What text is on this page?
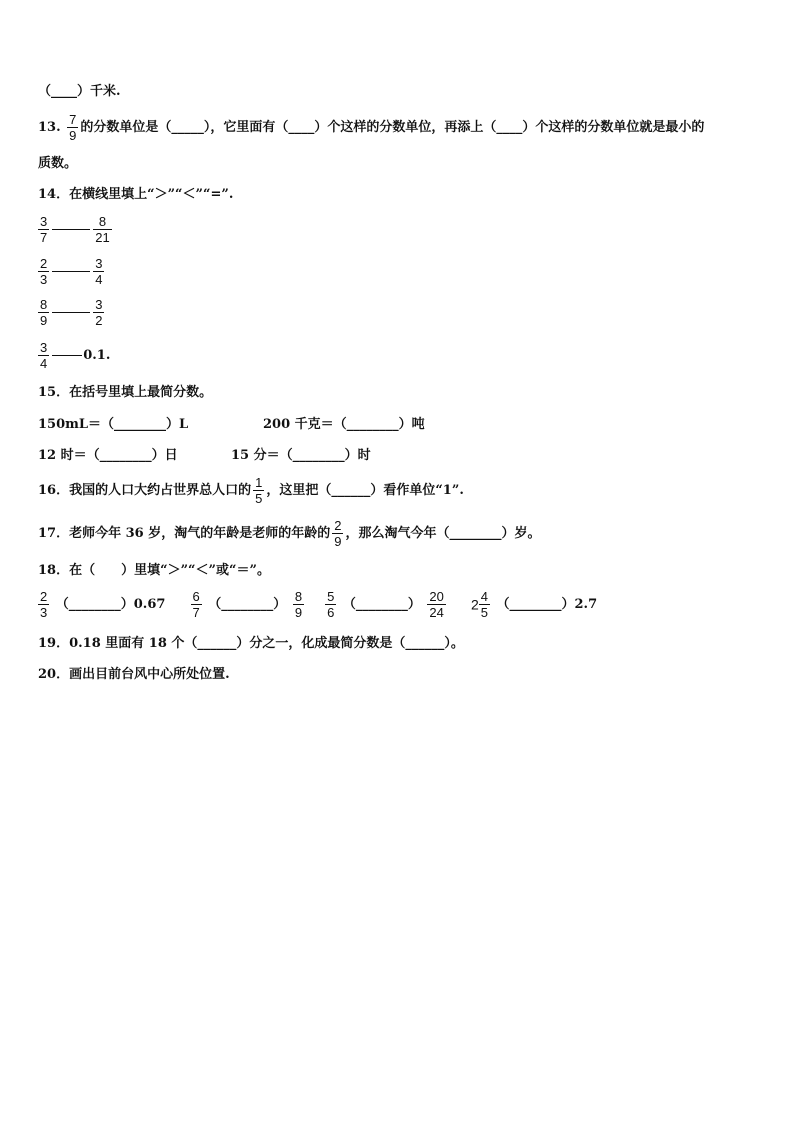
（____）千米.
13. $\frac{7}{9}$ 的分数单位是（_____），它里面有（____）个这样的分数单位，再添上（____）个这样的分数单位就是最小的
质数。
14．在横线里填上“＞”“＜”“=”.
$\frac{3}{7}$	$\frac{8}{21}$
$\frac{2}{3}$	$\frac{3}{4}$
$\frac{8}{9}$	$\frac{3}{2}$
$\frac{3}{4}$	0.1.
15．在括号里填上最简分数。
150mL＝（________）L	200 千克＝（________）吨
12 时＝（________）日	15 分＝（________）时
16．我国的人口大约占世界总人口的 $\frac{1}{5}$ ，这里把（______）看作单位“1”.
17．老师今年 36 岁，淘气的年龄是老师的年龄的 $\frac{2}{9}$ ，那么淘气今年（________）岁。
18．在（　　）里填“＞”“＜”或“＝”。
$\frac{2}{3}$ （________）0.67 $\frac{6}{7}$ （________） $\frac{8}{9}$
$\frac{5}{6}$ （________） $\frac{20}{24} 2 \frac{4}{5}$ （________）2.7
19．0.18 里面有 18 个（______）分之一，化成最简分数是（______）。
20．画出目前台风中心所处位置.
